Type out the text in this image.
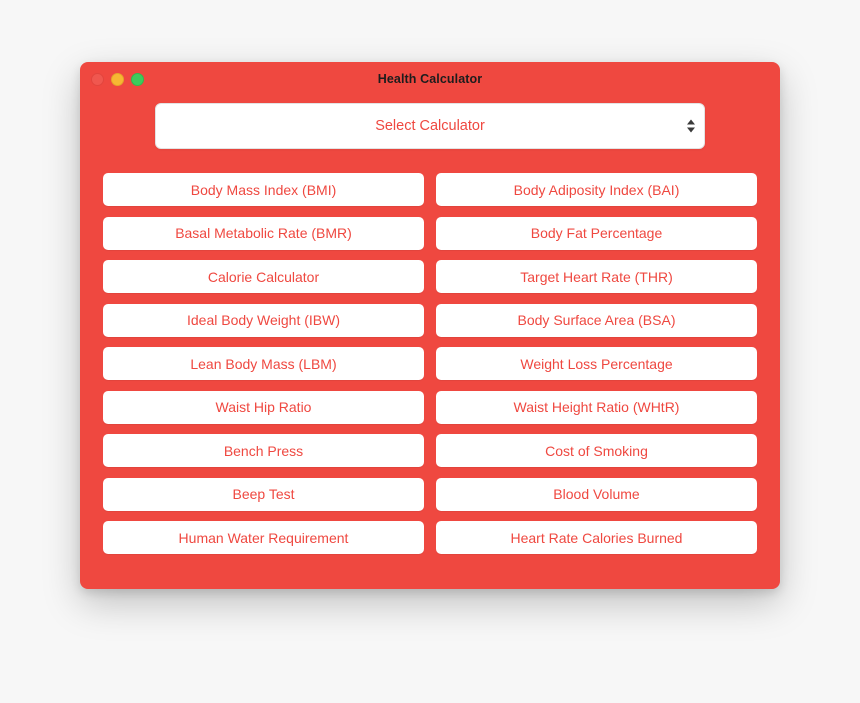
Health Calculator
Select Calculator
Body Mass Index (BMI)	Body Adiposity Index (BAI)
Basal Metabolic Rate (BMR)	Body Fat Percentage
Calorie Calculator	Target Heart Rate (THR)
Ideal Body Weight (IBW)	Body Surface Area (BSA)
Lean Body Mass (LBM)	Weight Loss Percentage
Waist Hip Ratio	Waist Height Ratio (WHtR)
Bench Press	Cost of Smoking
Beep Test	Blood Volume
Human Water Requirement	Heart Rate Calories Burned
